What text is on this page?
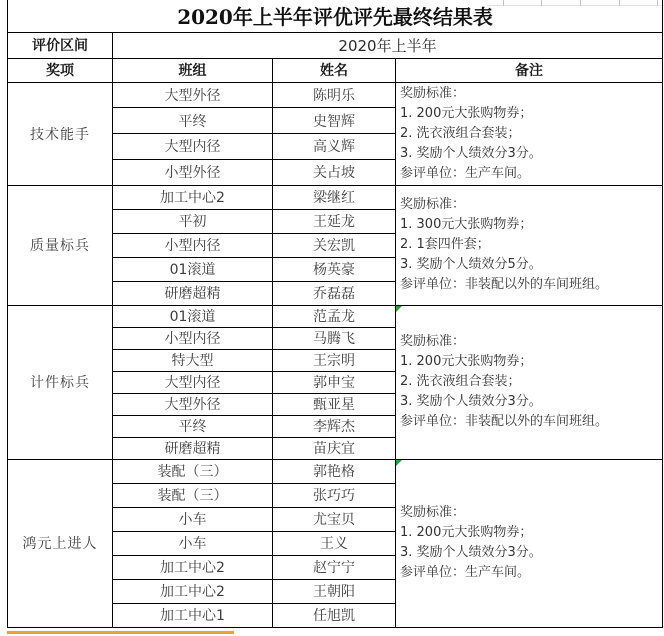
2020年上半年评优评先最终结果表			
评价区间	2020年上半年		
奖项	班组	姓名	备注
技术能手	大型外径	陈明乐	奖励标准：
1. 200元大张购物券；
2. 洗衣液组合套装；
3. 奖励个人绩效分3分。
参评单位：生产车间。

	平终	史智辉	
	大型内径	高义辉	
	小型外径	关占坡	
质量标兵	加工中心2	梁继红	奖励标准：
1. 300元大张购物券；
2. 1套四件套；
3. 奖励个人绩效分5分。
参评单位：非装配以外的车间班组。

	平初	王延龙	
	小型内径	关宏凯	
	01滚道	杨英豪	
	研磨超精	乔磊磊	
计件标兵	01滚道	范孟龙	奖励标准：
1. 200元大张购物券；
2. 洗衣液组合套装；
3. 奖励个人绩效分3分。
参评单位：非装配以外的车间班组。

	小型内径	马腾飞	
	特大型	王宗明	
	大型内径	郭申宝	
	大型外径	甄亚星	
	平终	李辉杰	
	研磨超精	苗庆宜	
鸿元上进人	装配（三）	郭艳格	奖励标准：
1. 200元大张购物券；
3. 奖励个人绩效分3分。
参评单位：生产车间。

	装配（三）	张巧巧	
	小车	尤宝贝	
	小车	王义	
	加工中心2	赵宁宁	
	加工中心2	王朝阳	
	加工中心1	任旭凯	
